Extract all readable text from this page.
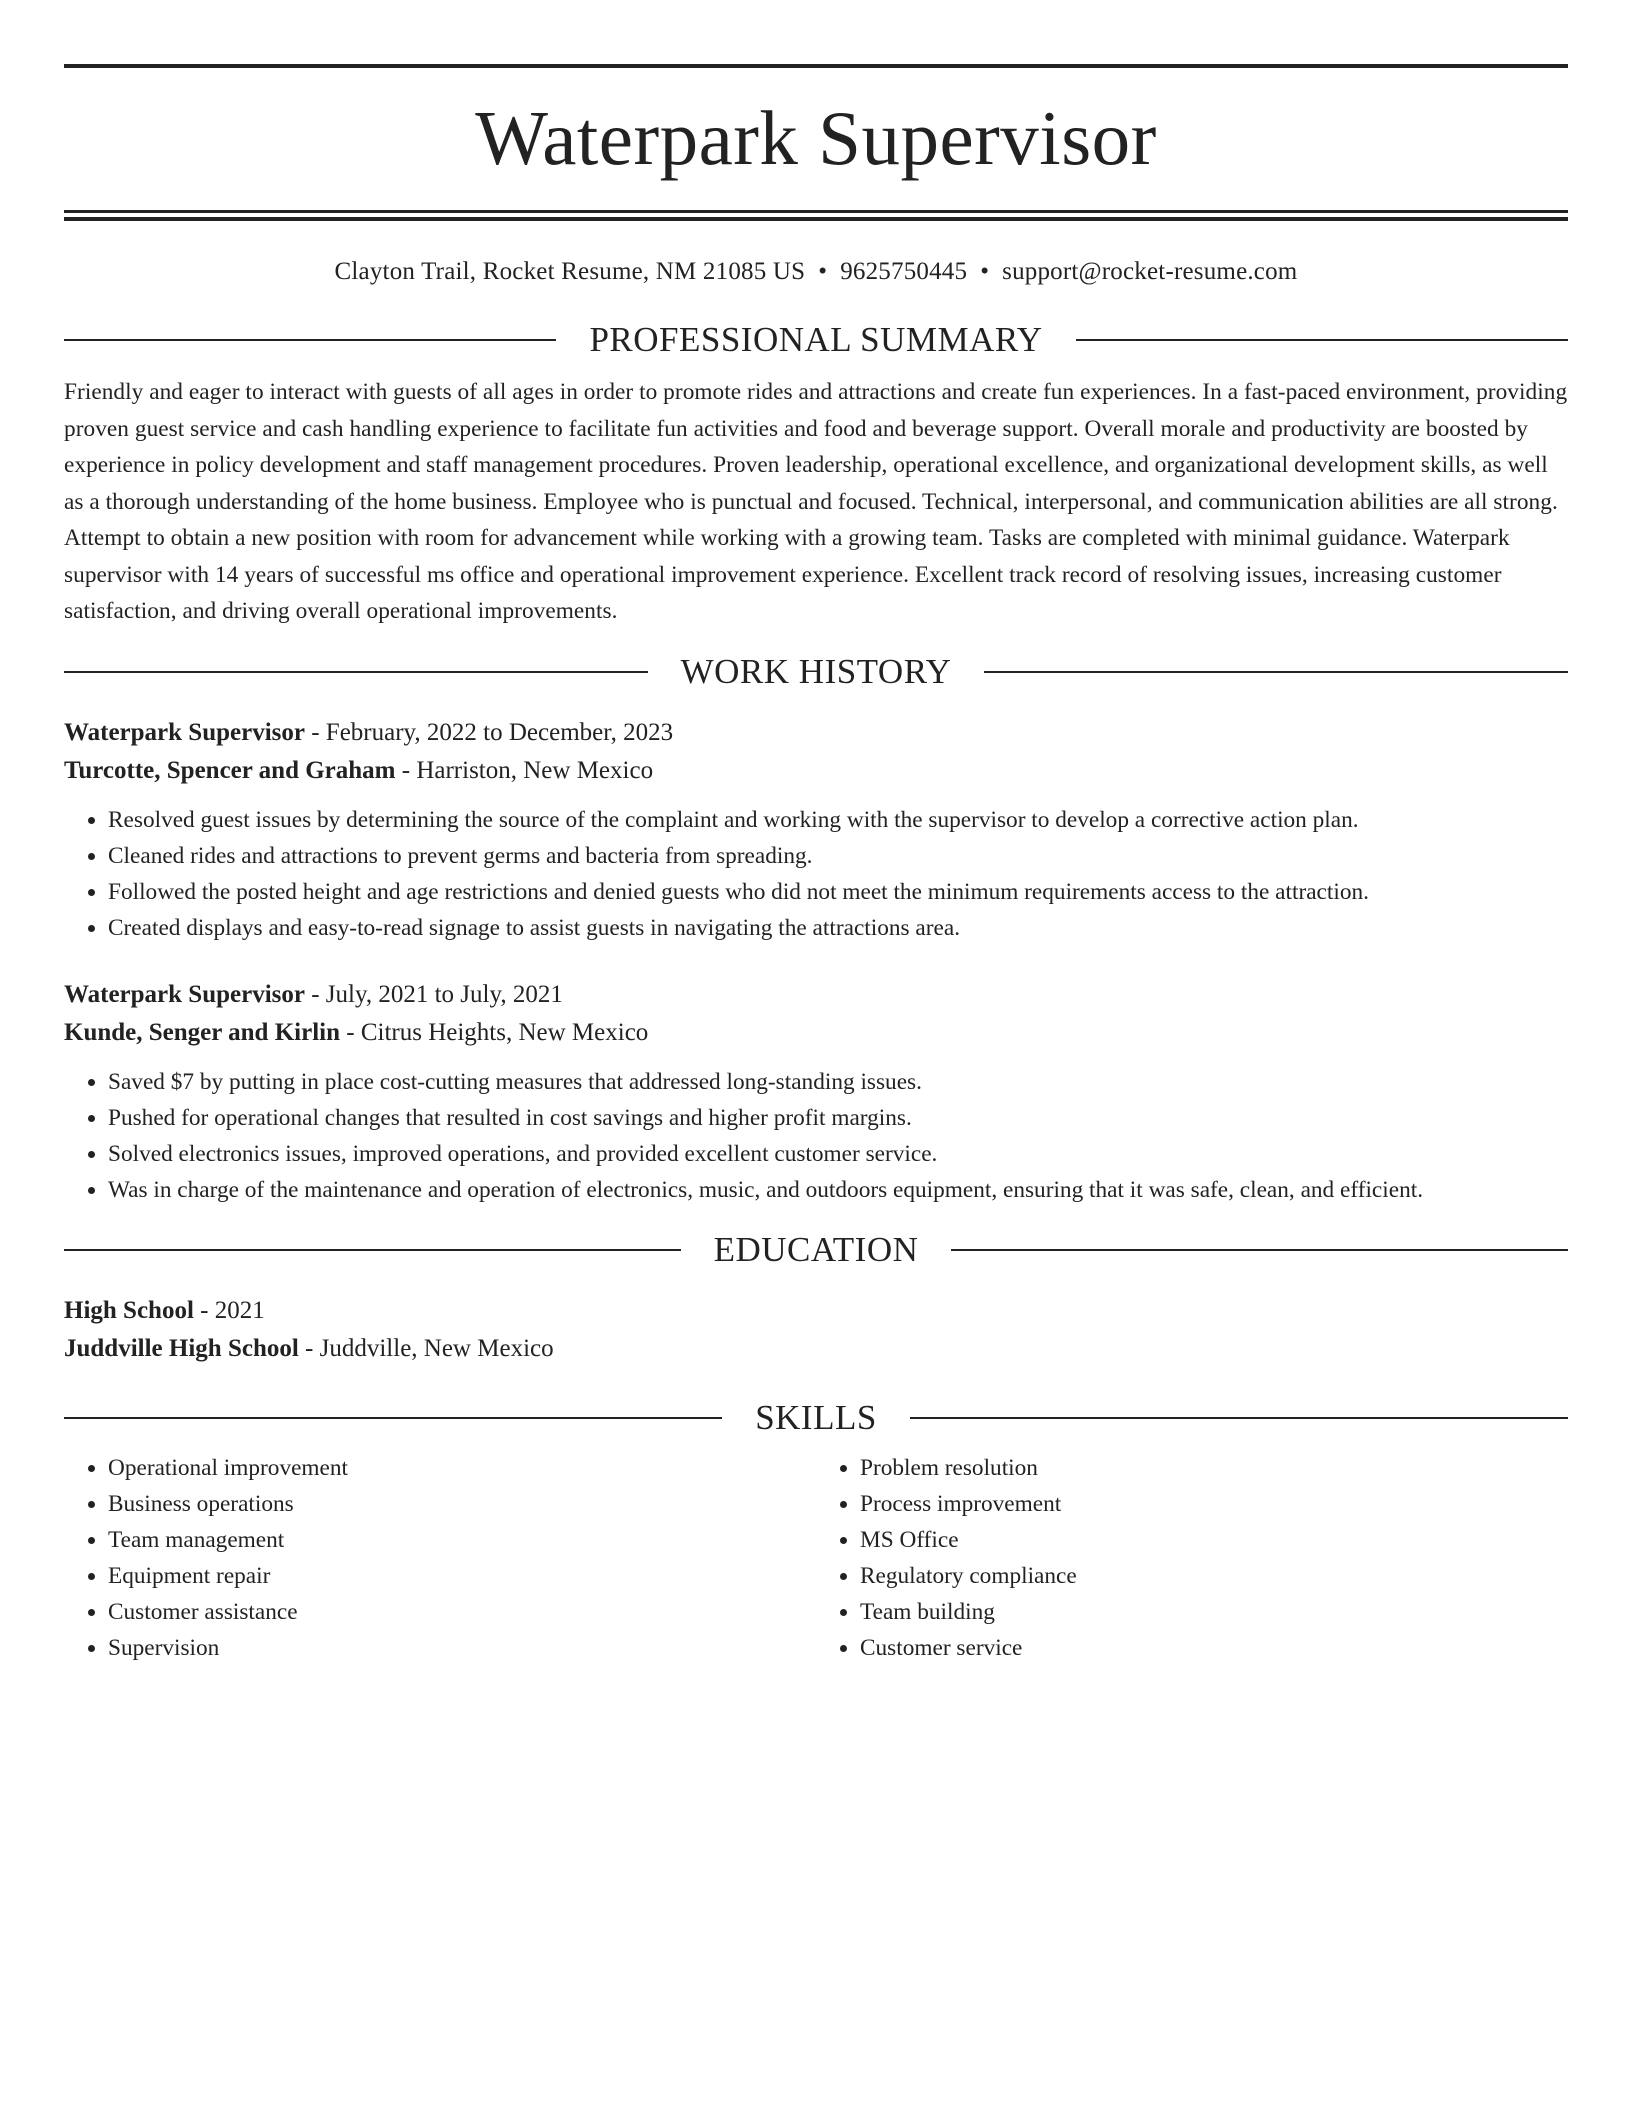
Waterpark Supervisor
Clayton Trail, Rocket Resume, NM 21085 US • 9625750445 • support@rocket-resume.com
PROFESSIONAL SUMMARY
Friendly and eager to interact with guests of all ages in order to promote rides and attractions and create fun experiences. In a fast-paced environment, providing proven guest service and cash handling experience to facilitate fun activities and food and beverage support. Overall morale and productivity are boosted by experience in policy development and staff management procedures. Proven leadership, operational excellence, and organizational development skills, as well as a thorough understanding of the home business. Employee who is punctual and focused. Technical, interpersonal, and communication abilities are all strong. Attempt to obtain a new position with room for advancement while working with a growing team. Tasks are completed with minimal guidance. Waterpark supervisor with 14 years of successful ms office and operational improvement experience. Excellent track record of resolving issues, increasing customer satisfaction, and driving overall operational improvements.
WORK HISTORY
Waterpark Supervisor - February, 2022 to December, 2023
Turcotte, Spencer and Graham - Harriston, New Mexico
• Resolved guest issues by determining the source of the complaint and working with the supervisor to develop a corrective action plan.
• Cleaned rides and attractions to prevent germs and bacteria from spreading.
• Followed the posted height and age restrictions and denied guests who did not meet the minimum requirements access to the attraction.
• Created displays and easy-to-read signage to assist guests in navigating the attractions area.
Waterpark Supervisor - July, 2021 to July, 2021
Kunde, Senger and Kirlin - Citrus Heights, New Mexico
• Saved $7 by putting in place cost-cutting measures that addressed long-standing issues.
• Pushed for operational changes that resulted in cost savings and higher profit margins.
• Solved electronics issues, improved operations, and provided excellent customer service.
• Was in charge of the maintenance and operation of electronics, music, and outdoors equipment, ensuring that it was safe, clean, and efficient.
EDUCATION
High School - 2021
Juddville High School - Juddville, New Mexico
SKILLS
• Operational improvement
• Business operations
• Team management
• Equipment repair
• Customer assistance
• Supervision
• Problem resolution
• Process improvement
• MS Office
• Regulatory compliance
• Team building
• Customer service
